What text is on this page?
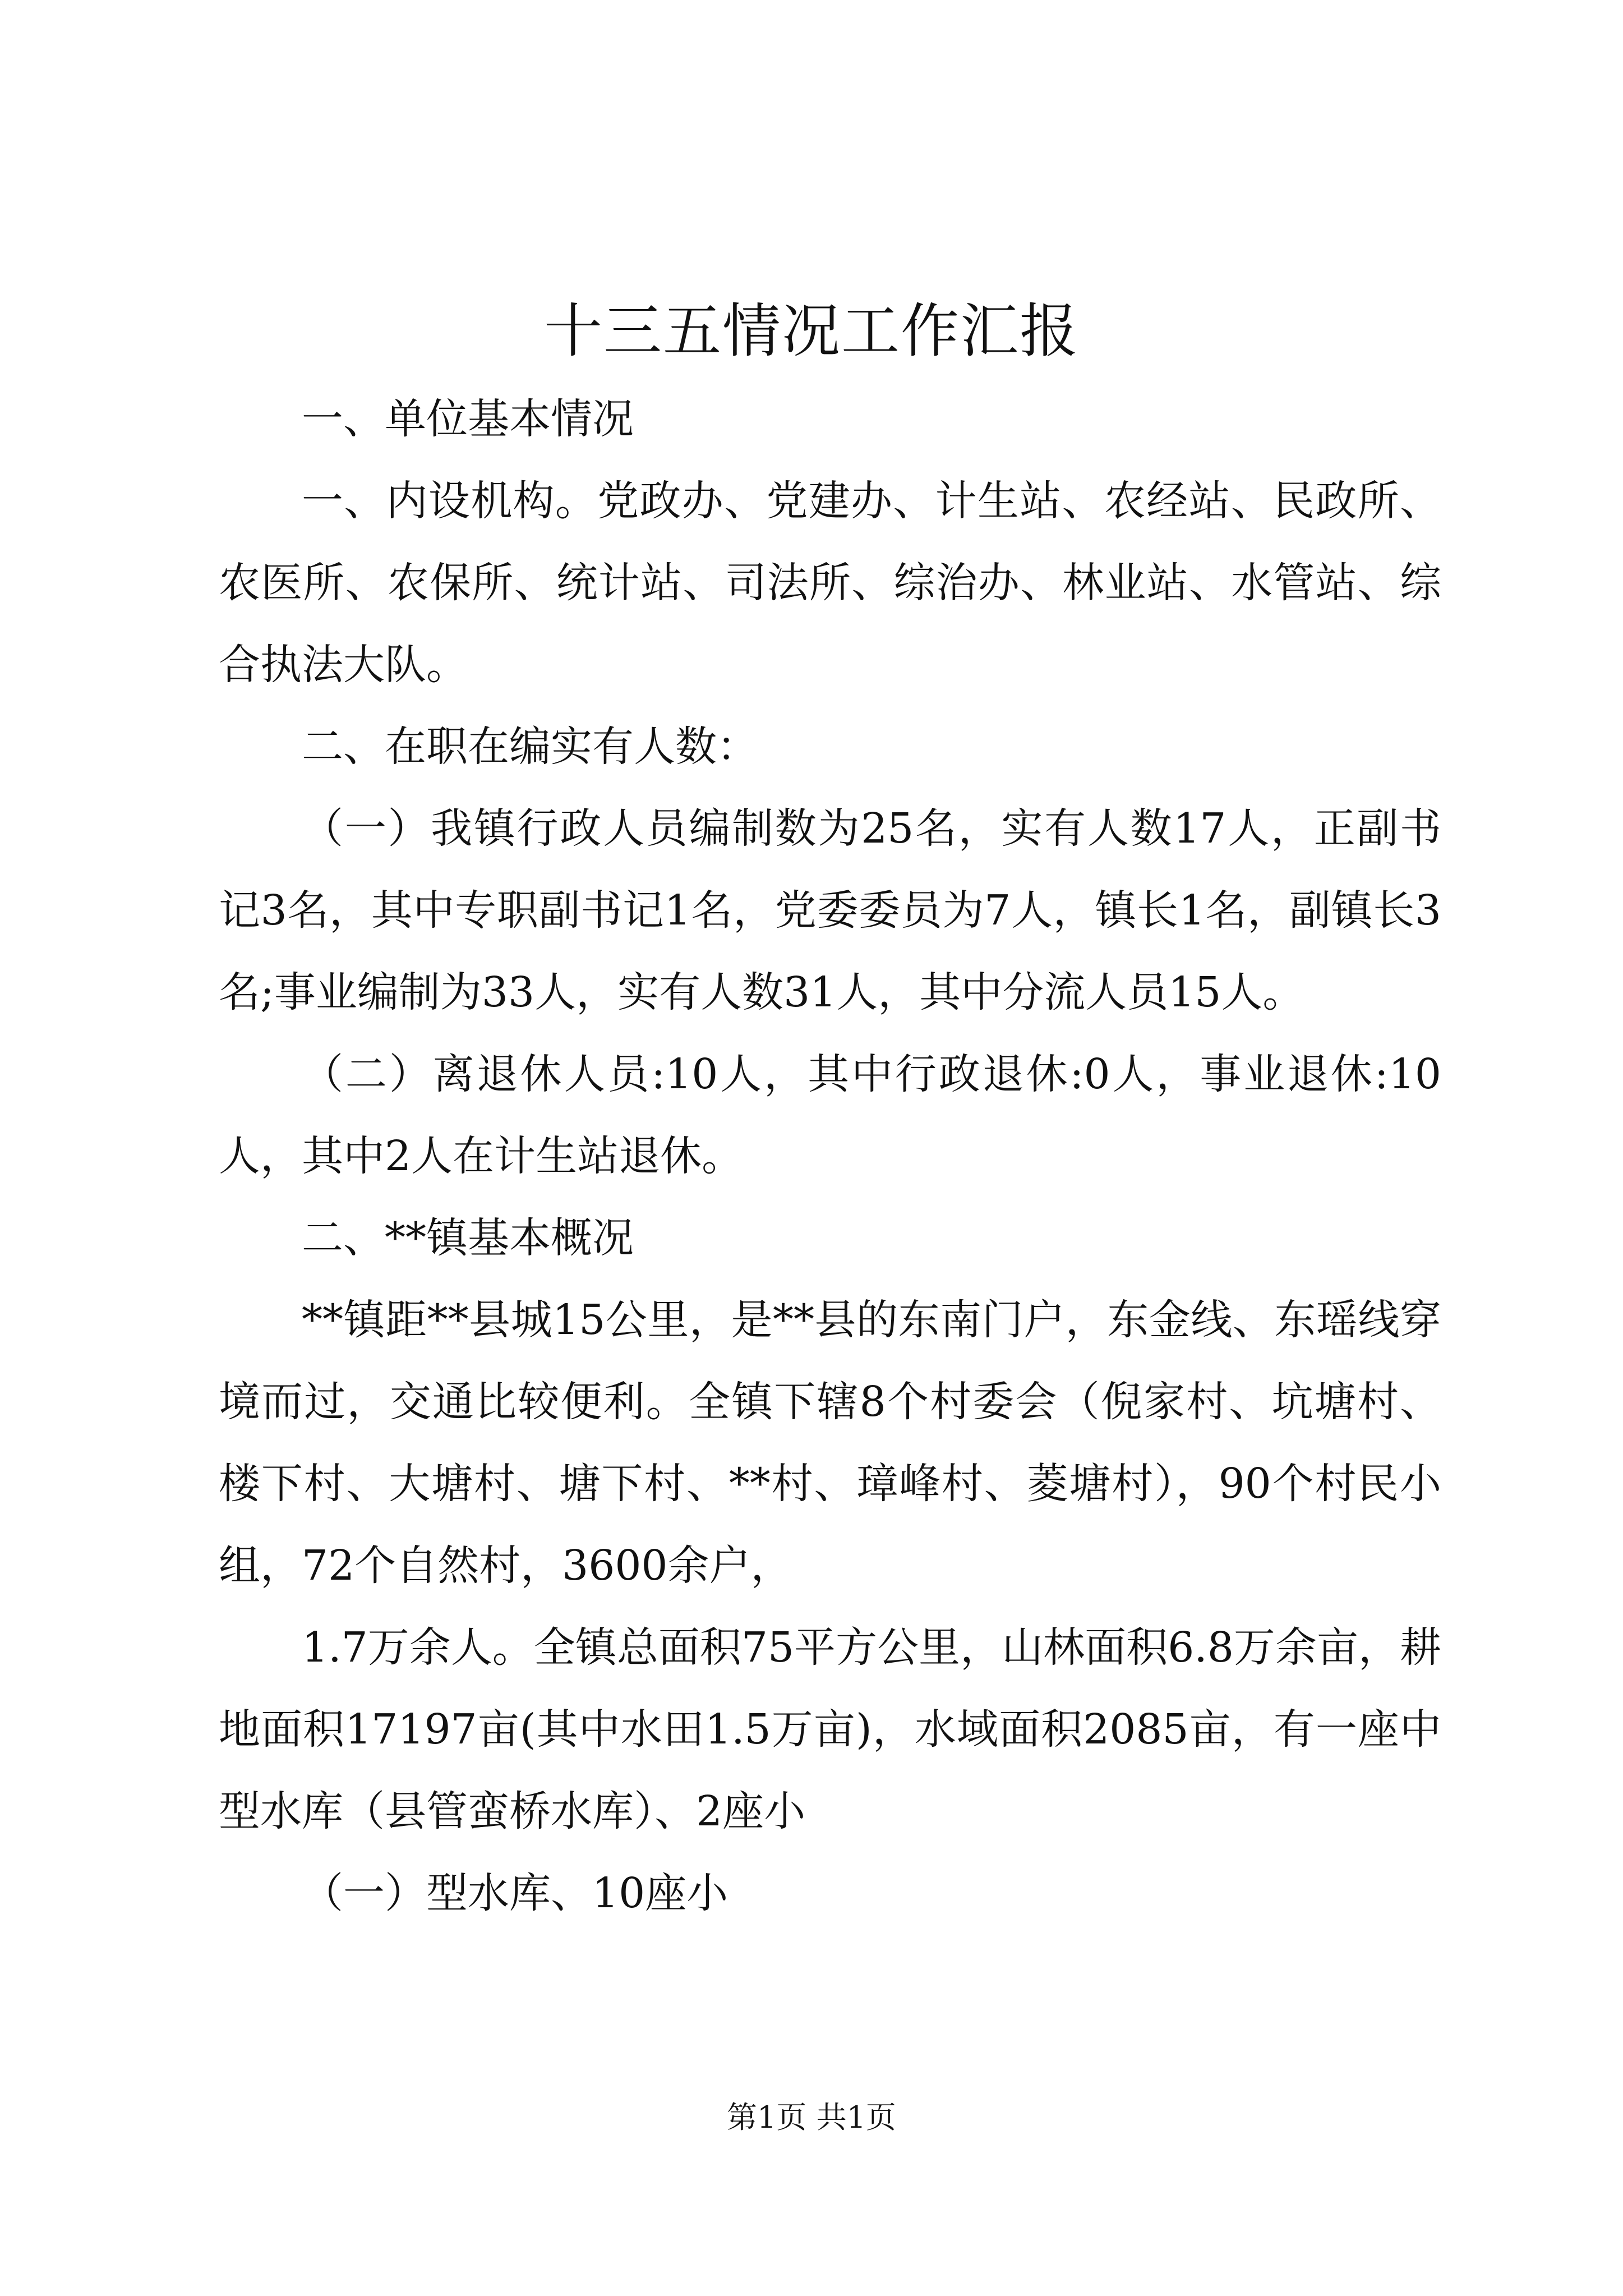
十三五情况工作汇报

一、单位基本情况

一、内设机构。党政办、党建办、计生站、农经站、民政所、农医所、农保所、统计站、司法所、综治办、林业站、水管站、综合执法大队。

二、在职在编实有人数：

（一）我镇行政人员编制数为25名，实有人数17人，正副书记3名，其中专职副书记1名，党委委员为7人，镇长1名，副镇长3名;事业编制为33人，实有人数31人，其中分流人员15人。

（二）离退休人员:10人，其中行政退休:0人，事业退休:10人，其中2人在计生站退休。

二、**镇基本概况

**镇距**县城15公里，是**县的东南门户，东金线、东瑶线穿境而过，交通比较便利。全镇下辖8个村委会（倪家村、坑塘村、楼下村、大塘村、塘下村、**村、璋峰村、菱塘村），90个村民小组，72个自然村，3600余户，

1.7万余人。全镇总面积75平方公里，山林面积6.8万余亩，耕地面积17197亩(其中水田1.5万亩)，水域面积2085亩，有一座中型水库（县管蛮桥水库）、2座小

（一）型水库、10座小

第1页 共1页
